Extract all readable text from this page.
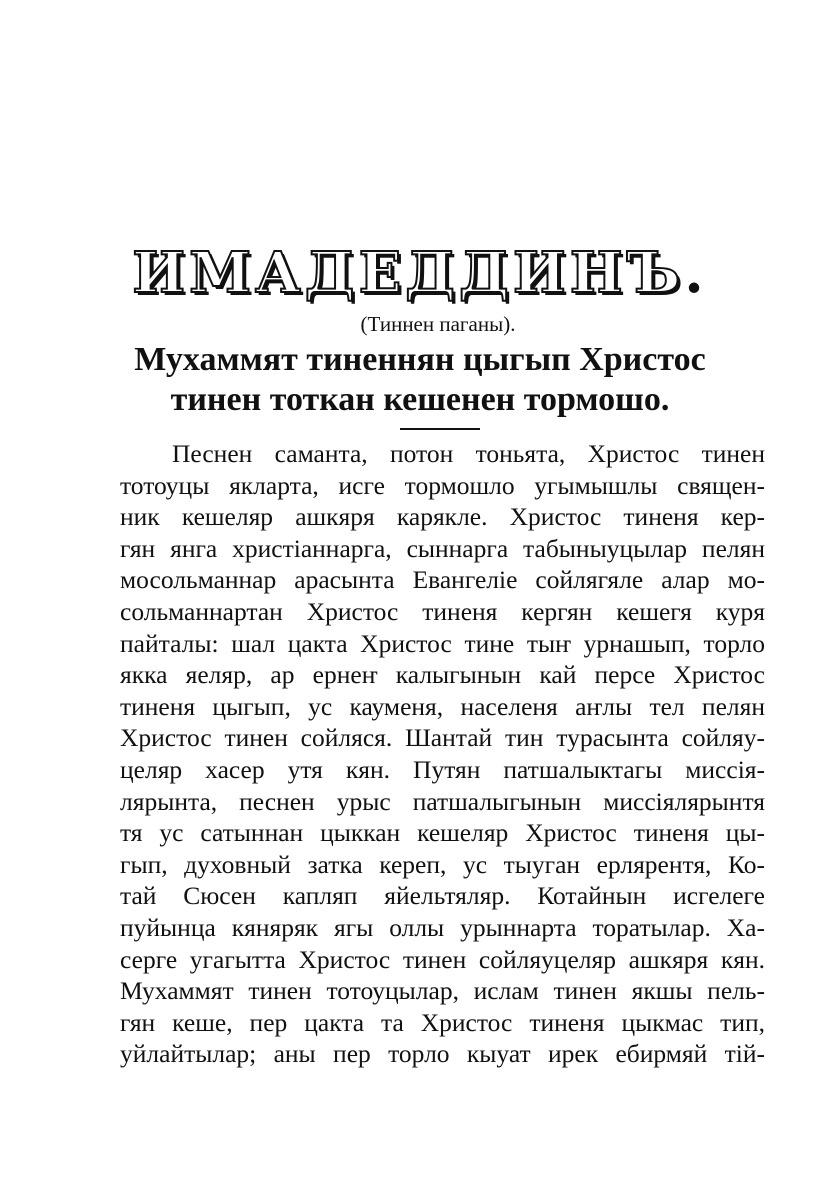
ИМАДЕДДИНЪ.
(Тиннен паганы).
Мухаммят тиненнян цыгып Христос
тинен тоткан кешенен тормошо.
Песнен саманта, потон тоньята, Христос тинен
тотоуцы якларта, исге тормошло угымышлы священ-
ник кешеляр ашкяря карякле. Христос тиненя кер-
гян янга христіаннарга, сыннарга табыныуцылар пелян
мосольманнар арасынта Евангеліе сойлягяле алар мо-
сольманнартан Христос тиненя кергян кешегя куря
пайталы: шал цакта Христос тине тыҥ урнашып, торло
якка яеляр, ар ернеҥ калыгынын кай персе Христос
тиненя цыгып, ус кауменя, населеня аҥлы тел пелян
Христос тинен сойляся. Шантай тин турасынта сойляу-
целяр хасер утя кян. Путян патшалыктагы миссія-
лярынта, песнен урыс патшалыгынын миссіялярынтя
тя ус сатыннан цыккан кешеляр Христос тиненя цы-
гып, духовный затка кереп, ус тыуган ерлярентя, Ко-
тай Сюсен капляп яйельтяляр. Котайнын исгелеге
пуйынца кяняряк ягы оллы урыннарта торатылар. Ха-
серге угагытта Христос тинен сойляуцеляр ашкяря кян.
Мухаммят тинен тотоуцылар, ислам тинен якшы пель-
гян кеше, пер цакта та Христос тиненя цыкмас тип,
уйлайтылар; аны пер торло кыуат ирек ебирмяй тій-
